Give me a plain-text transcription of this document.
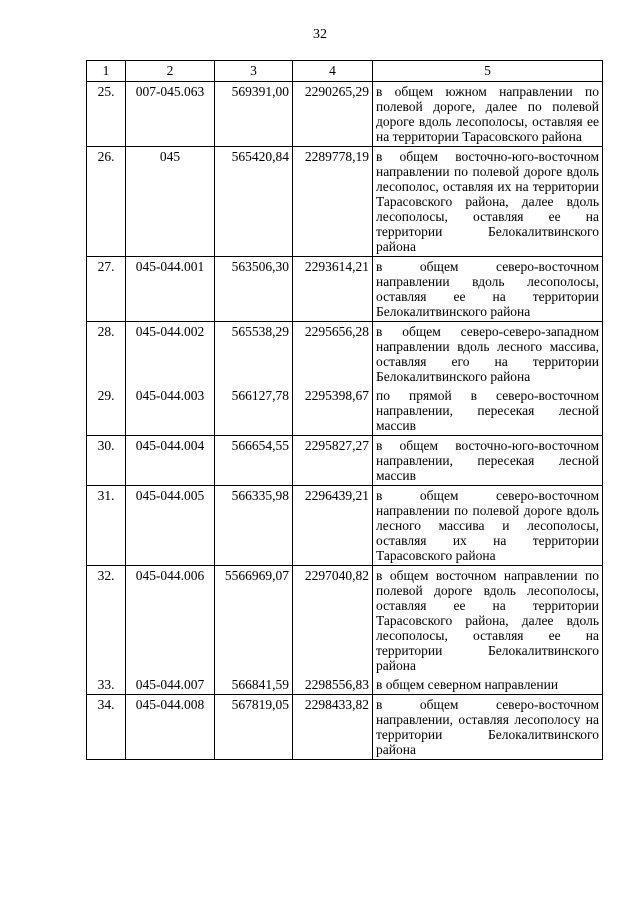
32
1	2	3	4	5
25.	007-045.063	569391,00	2290265,29	в общем южном направлении по полевой дороге, далее по полевой дороге вдоль лесополосы, оставляя ее на территории Тарасовского района
26.	045	565420,84	2289778,19	в общем восточно-юго-восточном направлении по полевой дороге вдоль лесополос, оставляя их на территории Тарасовского района, далее вдоль лесополосы, оставляя ее на территории Белокалитвинского района
27.	045-044.001	563506,30	2293614,21	в общем северо-восточном направлении вдоль лесополосы, оставляя ее на территории Белокалитвинского района
28.	045-044.002	565538,29	2295656,28	в общем северо-северо-западном направлении вдоль лесного массива, оставляя его на территории Белокалитвинского района
29.	045-044.003	566127,78	2295398,67	по прямой в северо-восточном направлении, пересекая лесной массив
30.	045-044.004	566654,55	2295827,27	в общем восточно-юго-восточном направлении, пересекая лесной массив
31.	045-044.005	566335,98	2296439,21	в общем северо-восточном направлении по полевой дороге вдоль лесного массива и лесополосы, оставляя их на территории Тарасовского района
32.	045-044.006	5566969,07	2297040,82	в общем восточном направлении по полевой дороге вдоль лесополосы, оставляя ее на территории Тарасовского района, далее вдоль лесополосы, оставляя ее на территории Белокалитвинского района
33.	045-044.007	566841,59	2298556,83	в общем северном направлении
34.	045-044.008	567819,05	2298433,82	в общем северо-восточном направлении, оставляя лесополосу на территории Белокалитвинского района
